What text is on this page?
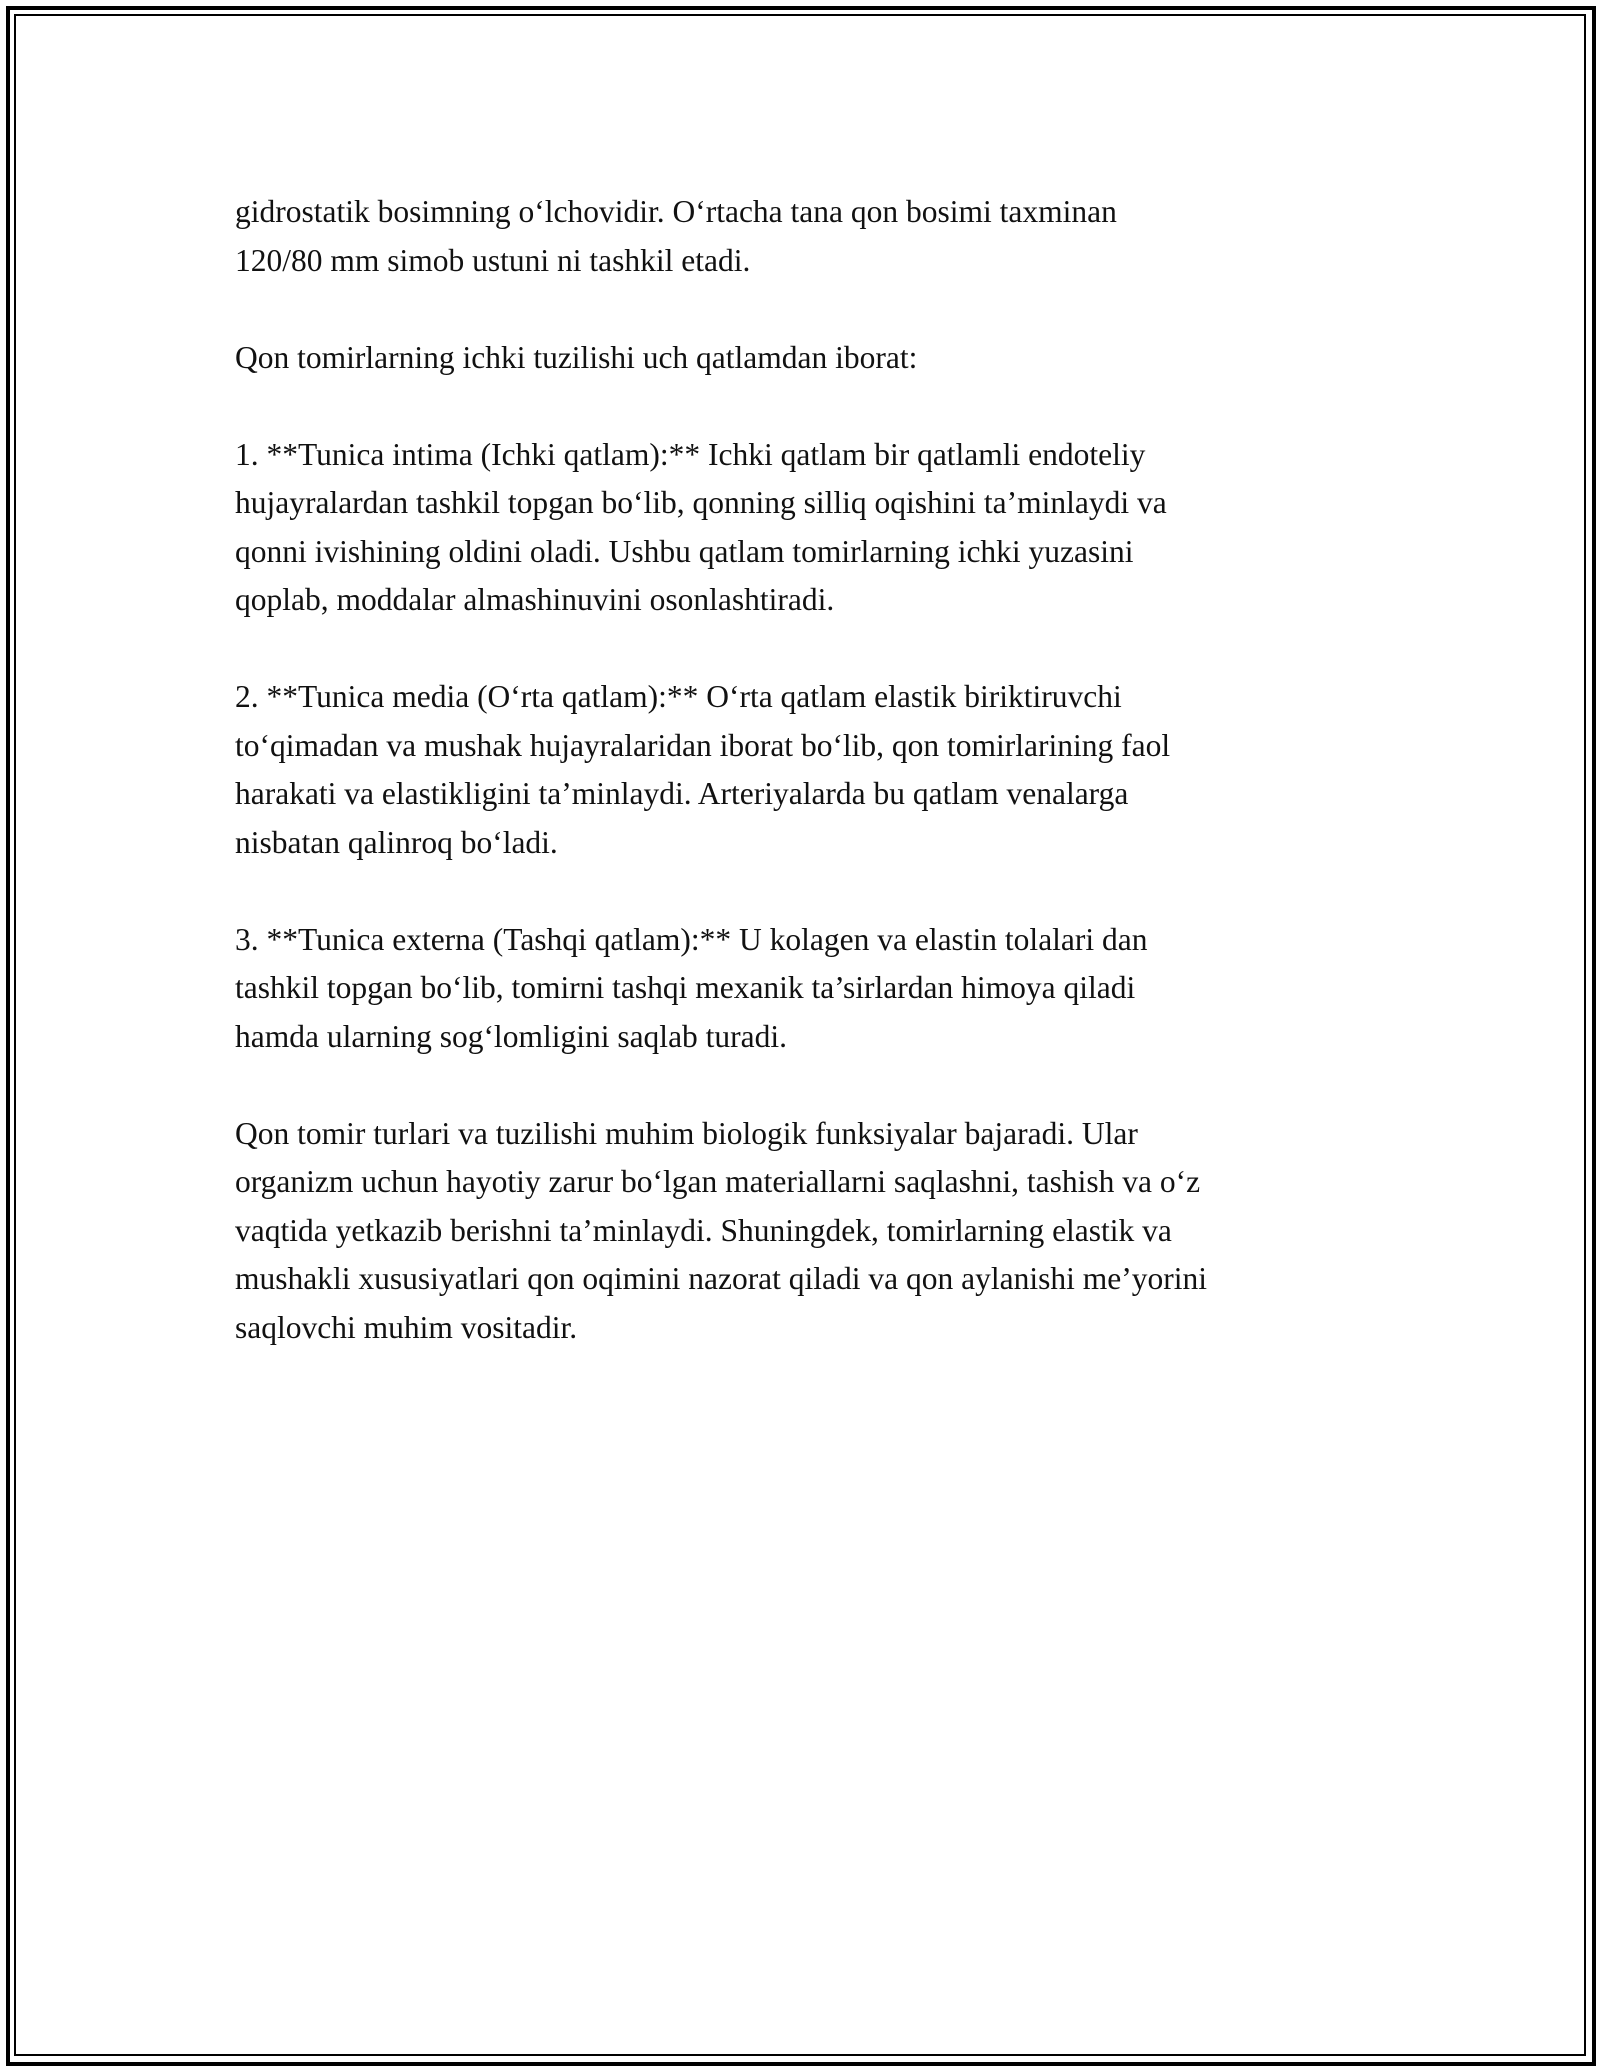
gidrostatik bosimning o‘lchovidir. O‘rtacha tana qon bosimi taxminan
120/80 mm simob ustuni ni tashkil etadi.

Qon tomirlarning ichki tuzilishi uch qatlamdan iborat:

1. **Tunica intima (Ichki qatlam):** Ichki qatlam bir qatlamli endoteliy
hujayralardan tashkil topgan bo‘lib, qonning silliq oqishini ta’minlaydi va
qonni ivishining oldini oladi. Ushbu qatlam tomirlarning ichki yuzasini
qoplab, moddalar almashinuvini osonlashtiradi.

2. **Tunica media (O‘rta qatlam):** O‘rta qatlam elastik biriktiruvchi
to‘qimadan va mushak hujayralaridan iborat bo‘lib, qon tomirlarining faol
harakati va elastikligini ta’minlaydi. Arteriyalarda bu qatlam venalarga
nisbatan qalinroq bo‘ladi.

3. **Tunica externa (Tashqi qatlam):** U kolagen va elastin tolalari dan
tashkil topgan bo‘lib, tomirni tashqi mexanik ta’sirlardan himoya qiladi
hamda ularning sog‘lomligini saqlab turadi.

Qon tomir turlari va tuzilishi muhim biologik funksiyalar bajaradi. Ular
organizm uchun hayotiy zarur bo‘lgan materiallarni saqlashni, tashish va o‘z
vaqtida yetkazib berishni ta’minlaydi. Shuningdek, tomirlarning elastik va
mushakli xususiyatlari qon oqimini nazorat qiladi va qon aylanishi me’yorini
saqlovchi muhim vositadir.
